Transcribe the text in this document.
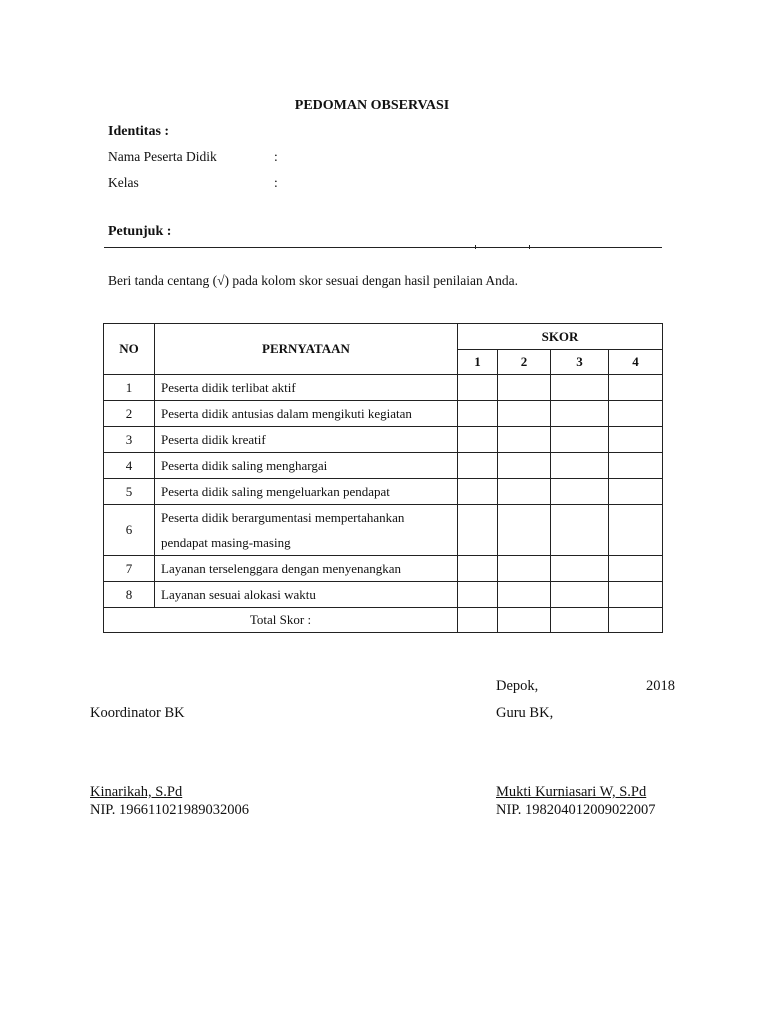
PEDOMAN OBSERVASI
Identitas :
Nama Peserta Didik	:
Kelas	:
Petunjuk :
Beri tanda centang (√) pada kolom skor sesuai dengan hasil penilaian Anda.
NO	PERNYATAAN	SKOR			
		1	2	3	4
1	Peserta didik terlibat aktif				
2	Peserta didik antusias dalam mengikuti kegiatan				
3	Peserta didik kreatif				
4	Peserta didik saling menghargai				
5	Peserta didik saling mengeluarkan pendapat				
6	Peserta didik berargumentasi mempertahankan
pendapat masing-masing				
7	Layanan terselenggara dengan menyenangkan				
8	Layanan sesuai alokasi waktu				
Total Skor :					
Depok,	2018
Koordinator BK	Guru BK,
Kinarikah, S.Pd
NIP. 196611021989032006
Mukti Kurniasari W, S.Pd
NIP. 198204012009022007
